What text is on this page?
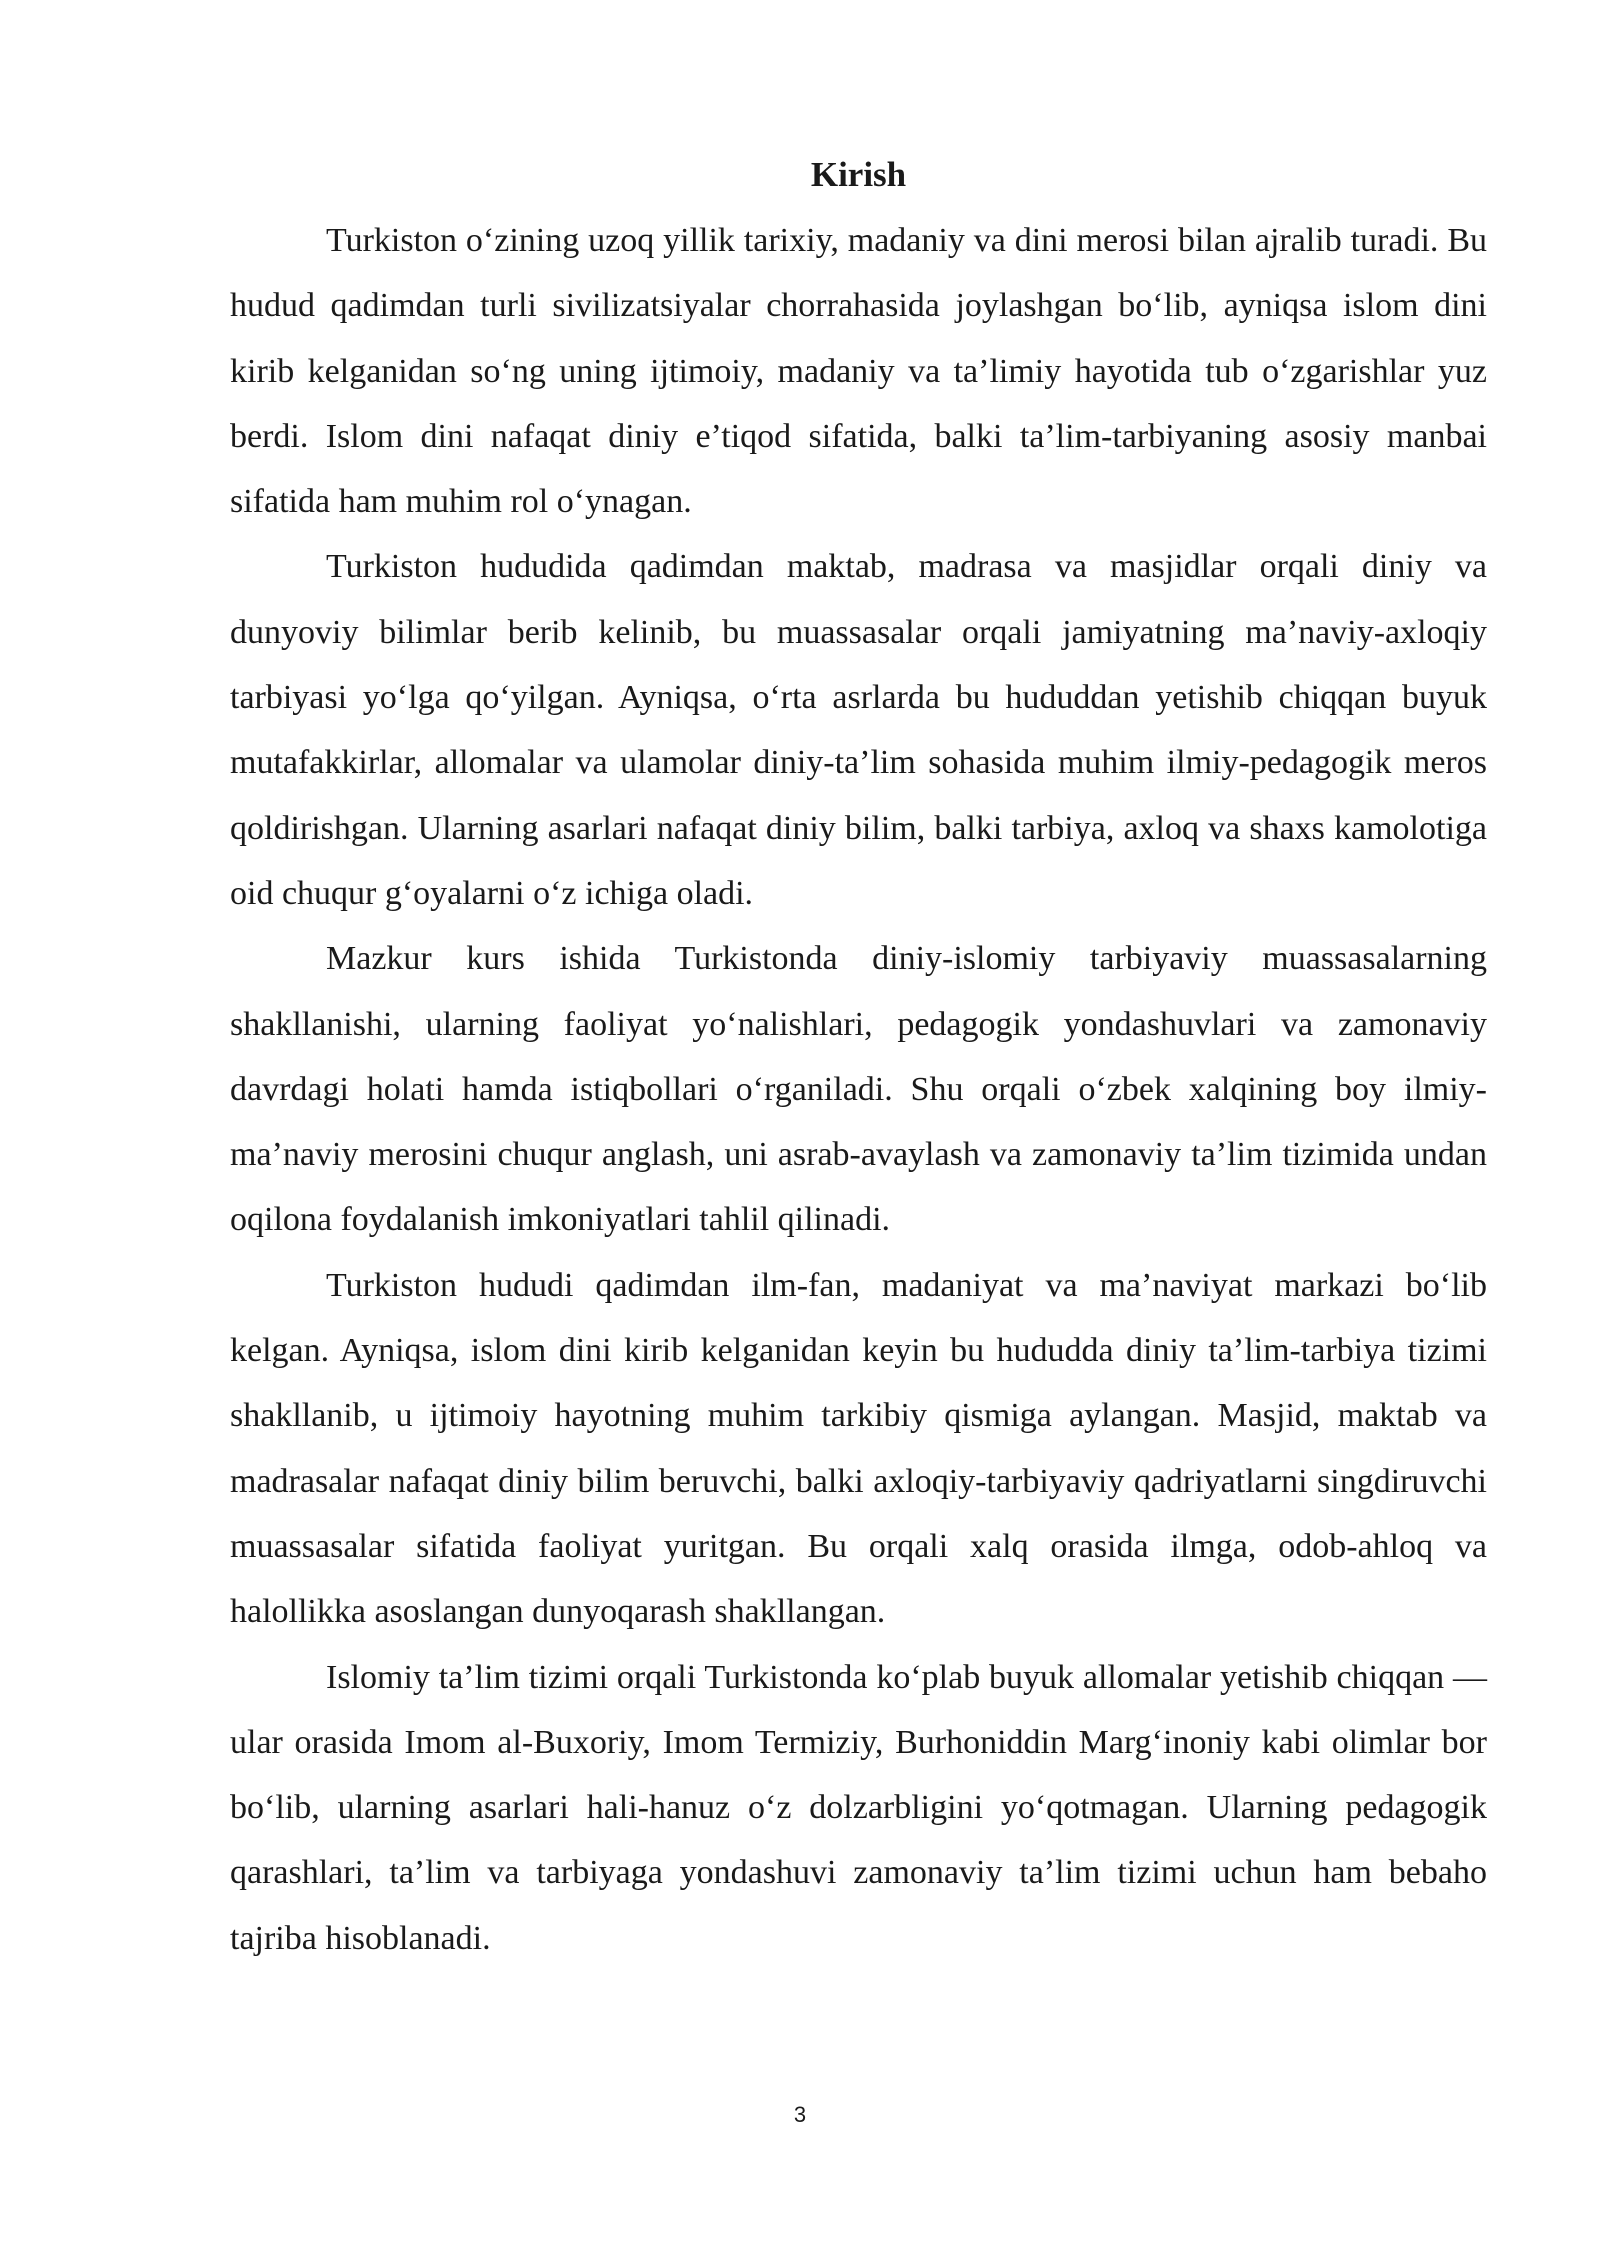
Kirish

Turkiston o‘zining uzoq yillik tarixiy, madaniy va dini merosi bilan ajralib turadi. Bu hudud qadimdan turli sivilizatsiyalar chorrahasida joylashgan bo‘lib, ayniqsa islom dini kirib kelganidan so‘ng uning ijtimoiy, madaniy va ta’limiy hayotida tub o‘zgarishlar yuz berdi. Islom dini nafaqat diniy e’tiqod sifatida, balki ta’lim-tarbiyaning asosiy manbai sifatida ham muhim rol o‘ynagan.

Turkiston hududida qadimdan maktab, madrasa va masjidlar orqali diniy va dunyoviy bilimlar berib kelinib, bu muassasalar orqali jamiyatning ma’naviy-axloqiy tarbiyasi yo‘lga qo‘yilgan. Ayniqsa, o‘rta asrlarda bu hududdan yetishib chiqqan buyuk mutafakkirlar, allomalar va ulamolar diniy-ta’lim sohasida muhim ilmiy-pedagogik meros qoldirishgan. Ularning asarlari nafaqat diniy bilim, balki tarbiya, axloq va shaxs kamolotiga oid chuqur g‘oyalarni o‘z ichiga oladi.

Mazkur kurs ishida Turkistonda diniy-islomiy tarbiyaviy muassasalarning shakllanishi, ularning faoliyat yo‘nalishlari, pedagogik yondashuvlari va zamonaviy davrdagi holati hamda istiqbollari o‘rganiladi. Shu orqali o‘zbek xalqining boy ilmiy-ma’naviy merosini chuqur anglash, uni asrab-avaylash va zamonaviy ta’lim tizimida undan oqilona foydalanish imkoniyatlari tahlil qilinadi.

Turkiston hududi qadimdan ilm-fan, madaniyat va ma’naviyat markazi bo‘lib kelgan. Ayniqsa, islom dini kirib kelganidan keyin bu hududda diniy ta’lim-tarbiya tizimi shakllanib, u ijtimoiy hayotning muhim tarkibiy qismiga aylangan. Masjid, maktab va madrasalar nafaqat diniy bilim beruvchi, balki axloqiy-tarbiyaviy qadriyatlarni singdiruvchi muassasalar sifatida faoliyat yuritgan. Bu orqali xalq orasida ilmga, odob-ahloq va halollikka asoslangan dunyoqarash shakllangan.

Islomiy ta’lim tizimi orqali Turkistonda ko‘plab buyuk allomalar yetishib chiqqan — ular orasida Imom al-Buxoriy, Imom Termiziy, Burhoniddin Marg‘inoniy kabi olimlar bor bo‘lib, ularning asarlari hali-hanuz o‘z dolzarbligini yo‘qotmagan. Ularning pedagogik qarashlari, ta’lim va tarbiyaga yondashuvi zamonaviy ta’lim tizimi uchun ham bebaho tajriba hisoblanadi.

3
